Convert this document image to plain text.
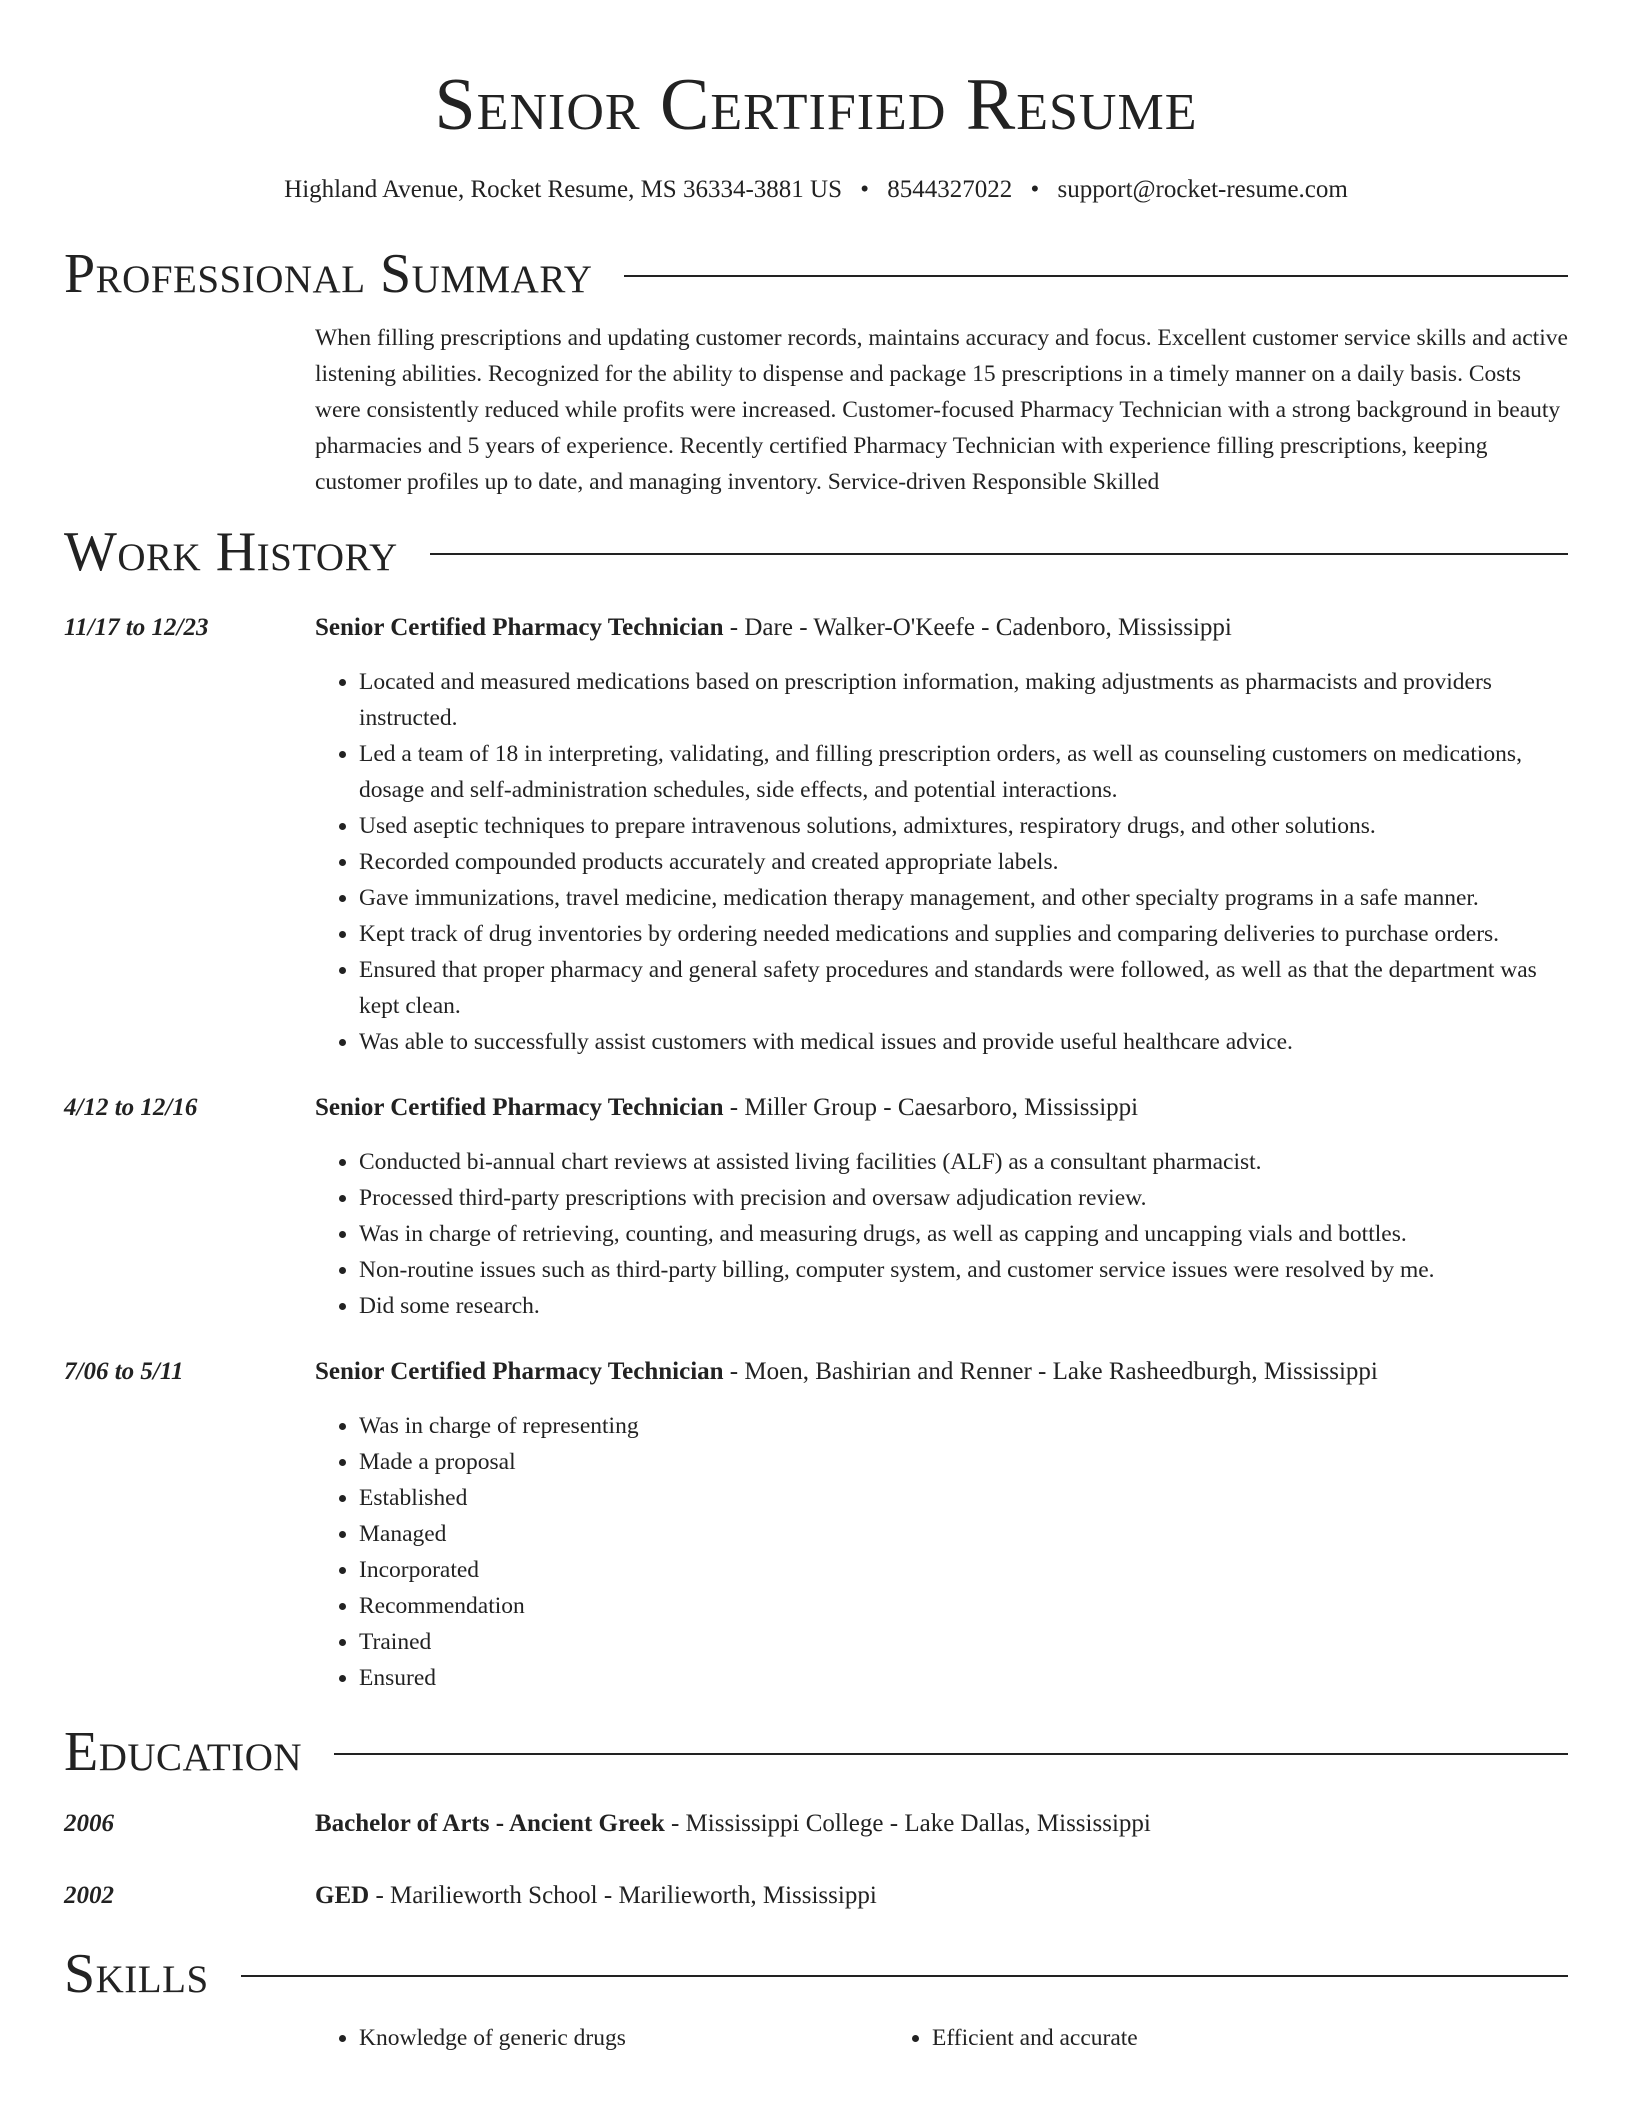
Senior Certified Resume
Highland Avenue, Rocket Resume, MS 36334-3881 US • 8544327022 • support@rocket-resume.com
Professional Summary
When filling prescriptions and updating customer records, maintains accuracy and focus. Excellent customer service skills and active listening abilities. Recognized for the ability to dispense and package 15 prescriptions in a timely manner on a daily basis. Costs were consistently reduced while profits were increased. Customer-focused Pharmacy Technician with a strong background in beauty pharmacies and 5 years of experience. Recently certified Pharmacy Technician with experience filling prescriptions, keeping customer profiles up to date, and managing inventory. Service-driven Responsible Skilled
Work History
11/17 to 12/23	Senior Certified Pharmacy Technician - Dare - Walker-O'Keefe - Cadenboro, Mississippi
• Located and measured medications based on prescription information, making adjustments as pharmacists and providers instructed.
• Led a team of 18 in interpreting, validating, and filling prescription orders, as well as counseling customers on medications, dosage and self-administration schedules, side effects, and potential interactions.
• Used aseptic techniques to prepare intravenous solutions, admixtures, respiratory drugs, and other solutions.
• Recorded compounded products accurately and created appropriate labels.
• Gave immunizations, travel medicine, medication therapy management, and other specialty programs in a safe manner.
• Kept track of drug inventories by ordering needed medications and supplies and comparing deliveries to purchase orders.
• Ensured that proper pharmacy and general safety procedures and standards were followed, as well as that the department was kept clean.
• Was able to successfully assist customers with medical issues and provide useful healthcare advice.
4/12 to 12/16	Senior Certified Pharmacy Technician - Miller Group - Caesarboro, Mississippi
• Conducted bi-annual chart reviews at assisted living facilities (ALF) as a consultant pharmacist.
• Processed third-party prescriptions with precision and oversaw adjudication review.
• Was in charge of retrieving, counting, and measuring drugs, as well as capping and uncapping vials and bottles.
• Non-routine issues such as third-party billing, computer system, and customer service issues were resolved by me.
• Did some research.
7/06 to 5/11	Senior Certified Pharmacy Technician - Moen, Bashirian and Renner - Lake Rasheedburgh, Mississippi
• Was in charge of representing
• Made a proposal
• Established
• Managed
• Incorporated
• Recommendation
• Trained
• Ensured
Education
2006	Bachelor of Arts - Ancient Greek - Mississippi College - Lake Dallas, Mississippi
2002	GED - Marilieworth School - Marilieworth, Mississippi
Skills
• Knowledge of generic drugs
•	Efficient and accurate
